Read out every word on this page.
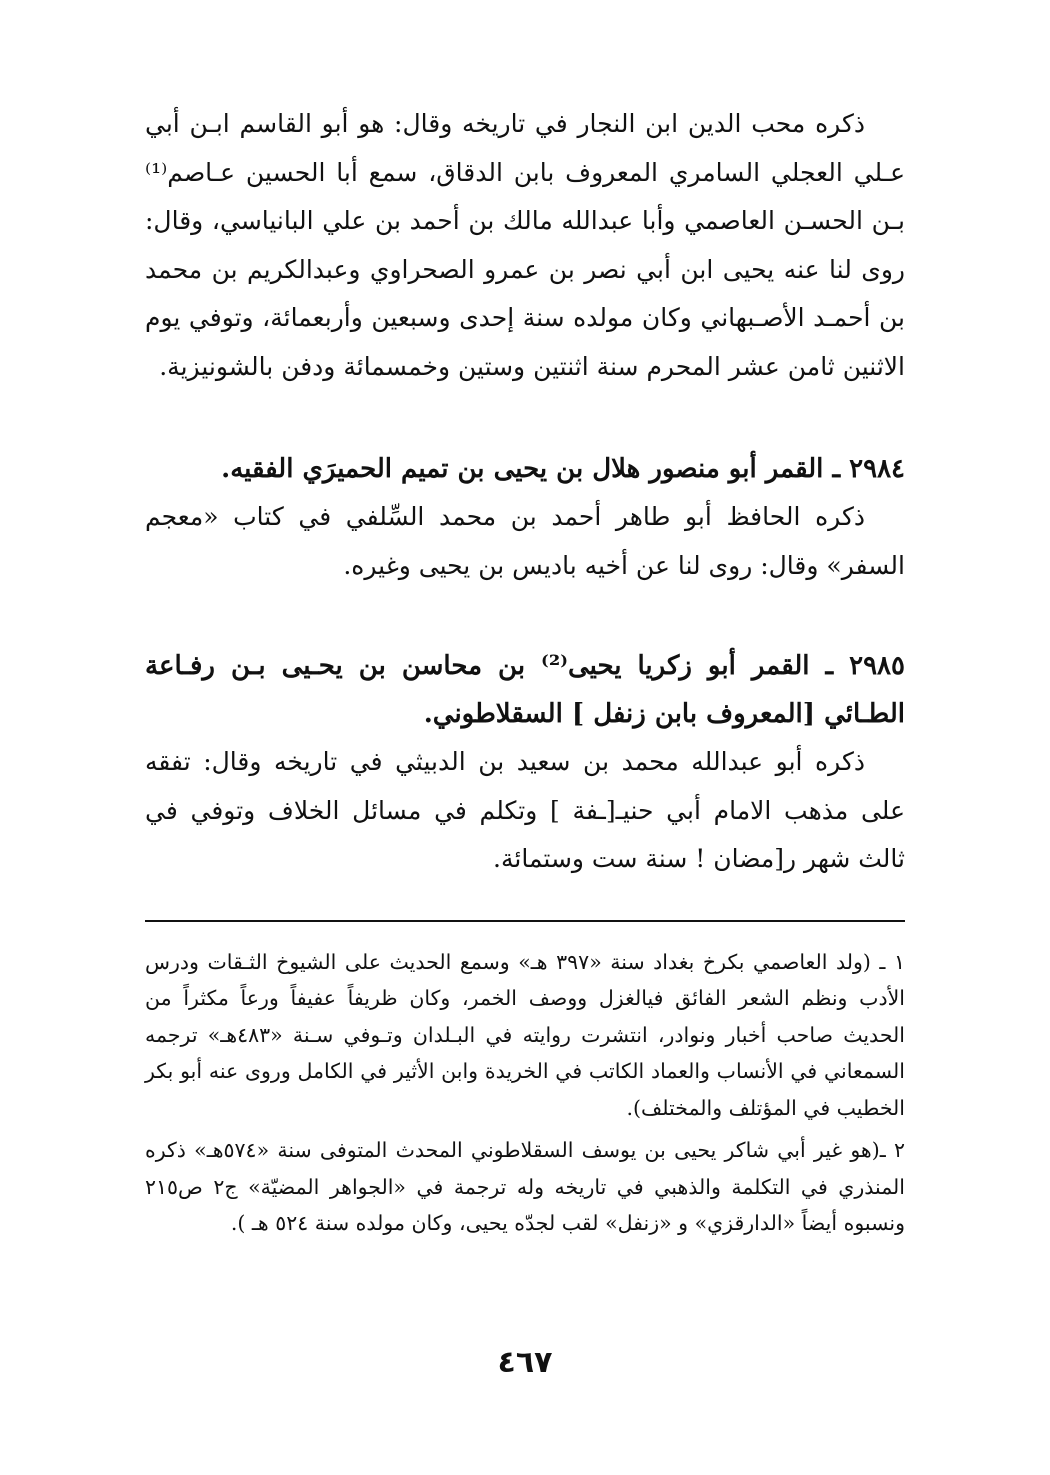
ذكره محب الدين ابن النجار في تاريخه وقال: هو أبو القاسم ابـن أبي عـلي العجلي السامري المعروف بابن الدقاق، سمع أبا الحسين عـاصم⁽¹⁾ بـن الحسـن العاصمي وأبا عبدالله مالك بن أحمد بن علي البانياسي، وقال: روى لنا عنه يحيى ابن أبي نصر بن عمرو الصحراوي وعبدالكريم بن محمد بن أحمـد الأصـبهاني وكان مولده سنة إحدى وسبعين وأربعمائة، وتوفي يوم الاثنين ثامن عشر المحرم سنة اثنتين وستين وخمسمائة ودفن بالشونيزية.

٢٩٨٤ ـ القمر أبو منصور هلال بن يحيى بن تميم الحميرَي الفقيه.

ذكره الحافظ أبو طاهر أحمد بن محمد السِّلفي في كتاب «معجم السفر» وقال: روى لنا عن أخيه باديس بن يحيى وغيره.

٢٩٨٥ ـ القمر أبو زكريا يحيى⁽²⁾ بن محاسن بن يحـيى بـن رفـاعة الطـائي [المعروف بابن زنفل ] السقلاطوني.

ذكره أبو عبدالله محمد بن سعيد بن الدبيثي في تاريخه وقال: تفقه على مذهب الامام أبي حنيـ[ـفة ] وتكلم في مسائل الخلاف وتوفي في ثالث شهر ر[مضان ! سنة ست وستمائة.

١ ـ (ولد العاصمي بكرخ بغداد سنة «٣٩٧ هـ» وسمع الحديث على الشيوخ الثـقات ودرس الأدب ونظم الشعر الفائق فيالغزل ووصف الخمر، وكان ظريفاً عفيفاً ورعاً مكثراً من الحديث صاحب أخبار ونوادر، انتشرت روايته في البـلدان وتـوفي سـنة «٤٨٣هـ» ترجمه السمعاني في الأنساب والعماد الكاتب في الخريدة وابن الأثير في الكامل وروى عنه أبو بكر الخطيب في المؤتلف والمختلف).

٢ ـ(هو غير أبي شاكر يحيى بن يوسف السقلاطوني المحدث المتوفى سنة «٥٧٤هـ» ذكره المنذري في التكلمة والذهبي في تاريخه وله ترجمة في «الجواهر المضيّة» ج٢ ص٢١٥ ونسبوه أيضاً «الدارقزي» و «زنفل» لقب لجدّه يحيى، وكان مولده سنة ٥٢٤ هـ ).

٤٦٧
